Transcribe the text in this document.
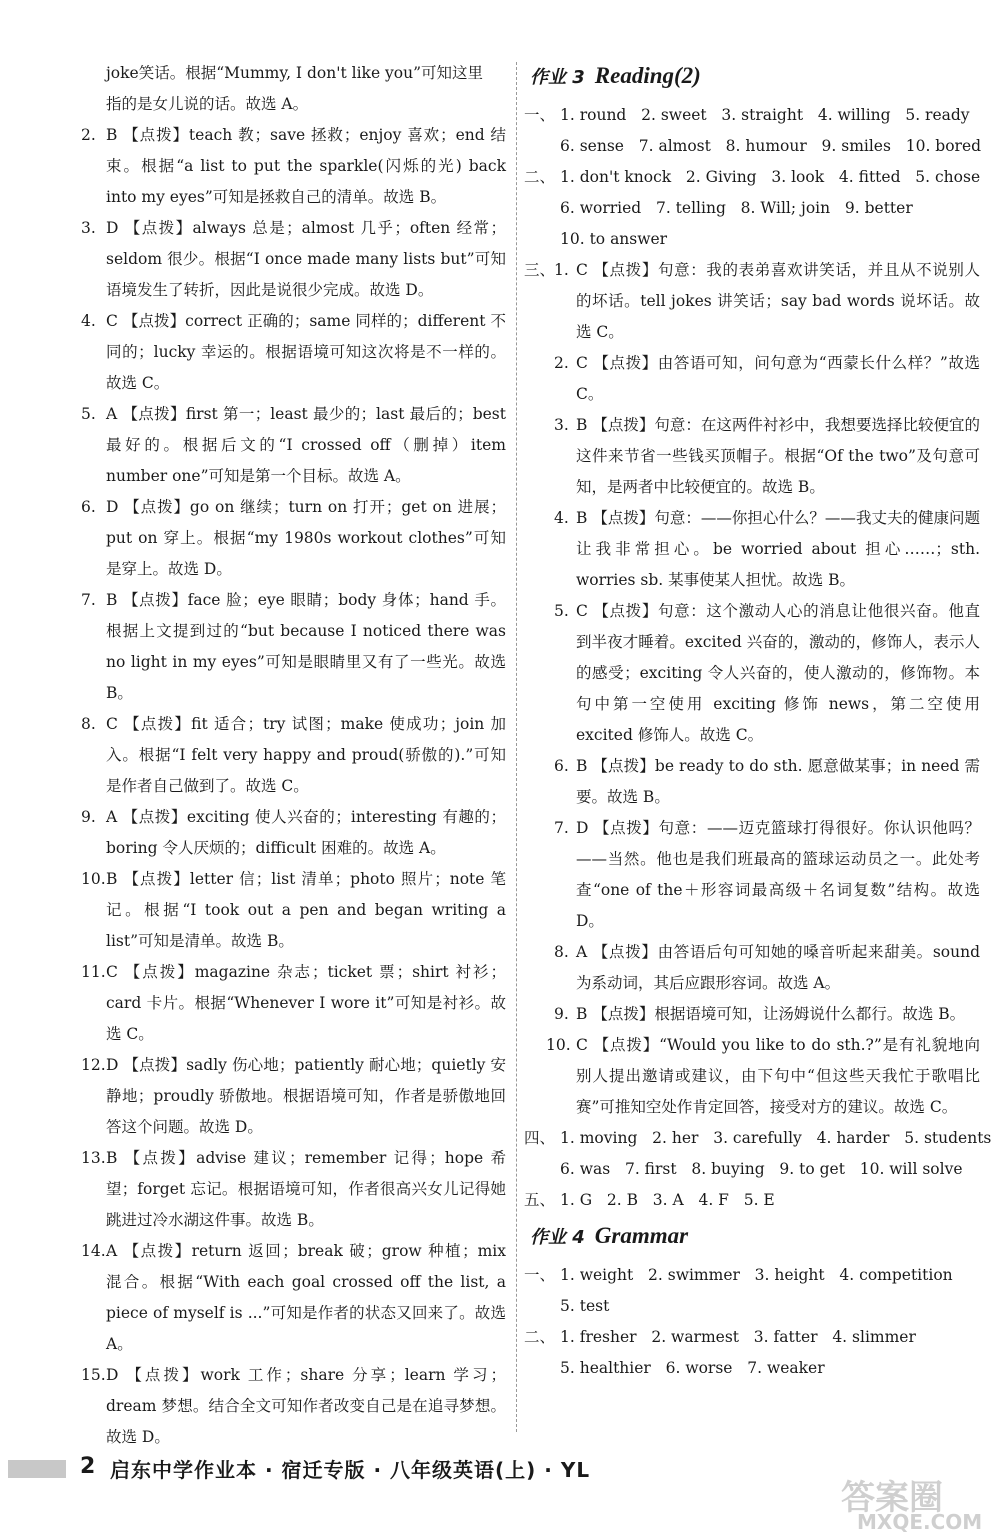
joke笑话。根据“Mummy, I don't like you”可知这里
指的是女儿说的话。故选 A。
2. B 【点拨】teach 教；save 拯救；enjoy 喜欢；end 结束。根据“a list to put the sparkle(闪烁的光) back into my eyes”可知是拯救自己的清单。故选 B。
3. D 【点拨】always 总是；almost 几乎；often 经常；seldom 很少。根据“I once made many lists but”可知语境发生了转折，因此是说很少完成。故选 D。
4. C 【点拨】correct 正确的；same 同样的；different 不同的；lucky 幸运的。根据语境可知这次将是不一样的。故选 C。
5. A 【点拨】first 第一；least 最少的；last 最后的；best 最好的。根据后文的“I crossed off（删掉）item number one”可知是第一个目标。故选 A。
6. D 【点拨】go on 继续；turn on 打开；get on 进展；put on 穿上。根据“my 1980s workout clothes”可知是穿上。故选 D。
7. B 【点拨】face 脸；eye 眼睛；body 身体；hand 手。根据上文提到过的“but because I noticed there was no light in my eyes”可知是眼睛里又有了一些光。故选 B。
8. C 【点拨】fit 适合；try 试图；make 使成功；join 加入。根据“I felt very happy and proud(骄傲的).”可知是作者自己做到了。故选 C。
9. A 【点拨】exciting 使人兴奋的；interesting 有趣的；boring 令人厌烦的；difficult 困难的。故选 A。
10. B 【点拨】letter 信；list 清单；photo 照片；note 笔记。根据“I took out a pen and began writing a list”可知是清单。故选 B。
11. C 【点拨】magazine 杂志；ticket 票；shirt 衬衫；card 卡片。根据“Whenever I wore it”可知是衬衫。故选 C。
12. D 【点拨】sadly 伤心地；patiently 耐心地；quietly 安静地；proudly 骄傲地。根据语境可知，作者是骄傲地回答这个问题。故选 D。
13. B 【点拨】advise 建议；remember 记得；hope 希望；forget 忘记。根据语境可知，作者很高兴女儿记得她跳进过冷水湖这件事。故选 B。
14. A 【点拨】return 返回；break 破；grow 种植；mix 混合。根据“With each goal crossed off the list, a piece of myself is ...”可知是作者的状态又回来了。故选 A。
15. D 【点拨】work 工作；share 分享；learn 学习；dream 梦想。结合全文可知作者改变自己是在追寻梦想。故选 D。
作业 3 Reading(2)
一、 1. round   2. sweet   3. straight   4. willing   5. ready
6. sense   7. almost   8. humour   9. smiles   10. bored
二、 1. don't knock   2. Giving   3. look   4. fitted   5. chose
6. worried   7. telling   8. Will; join   9. better
10. to answer
三、
1. C 【点拨】句意：我的表弟喜欢讲笑话，并且从不说别人的坏话。tell jokes 讲笑话；say bad words 说坏话。故选 C。
2. C 【点拨】由答语可知，问句意为“西蒙长什么样？”故选 C。
3. B 【点拨】句意：在这两件衬衫中，我想要选择比较便宜的这件来节省一些钱买顶帽子。根据“Of the two”及句意可知，是两者中比较便宜的。故选 B。
4. B 【点拨】句意：——你担心什么？——我丈夫的健康问题让我非常担心。be worried about 担心……；sth. worries sb. 某事使某人担忧。故选 B。
5. C 【点拨】句意：这个激动人心的消息让他很兴奋。他直到半夜才睡着。excited 兴奋的，激动的，修饰人，表示人的感受；exciting 令人兴奋的，使人激动的，修饰物。本句中第一空使用 exciting 修饰 news，第二空使用 excited 修饰人。故选 C。
6. B 【点拨】be ready to do sth. 愿意做某事；in need 需要。故选 B。
7. D 【点拨】句意：——迈克篮球打得很好。你认识他吗？——当然。他也是我们班最高的篮球运动员之一。此处考查“one of the＋形容词最高级＋名词复数”结构。故选 D。
8. A 【点拨】由答语后句可知她的嗓音听起来甜美。sound 为系动词，其后应跟形容词。故选 A。
9. B 【点拨】根据语境可知，让汤姆说什么都行。故选 B。
10. C 【点拨】“Would you like to do sth.?”是有礼貌地向别人提出邀请或建议，由下句中“但这些天我忙于歌唱比赛”可推知空处作肯定回答，接受对方的建议。故选 C。
四、 1. moving   2. her   3. carefully   4. harder   5. students
6. was   7. first   8. buying   9. to get   10. will solve
五、 1. G   2. B   3. A   4. F   5. E
作业 4 Grammar
一、 1. weight   2. swimmer   3. height   4. competition
5. test
二、 1. fresher   2. warmest   3. fatter   4. slimmer
5. healthier   6. worse   7. weaker
2 启东中学作业本 · 宿迁专版 · 八年级英语(上) · YL
答案圈
MXQE.COM
